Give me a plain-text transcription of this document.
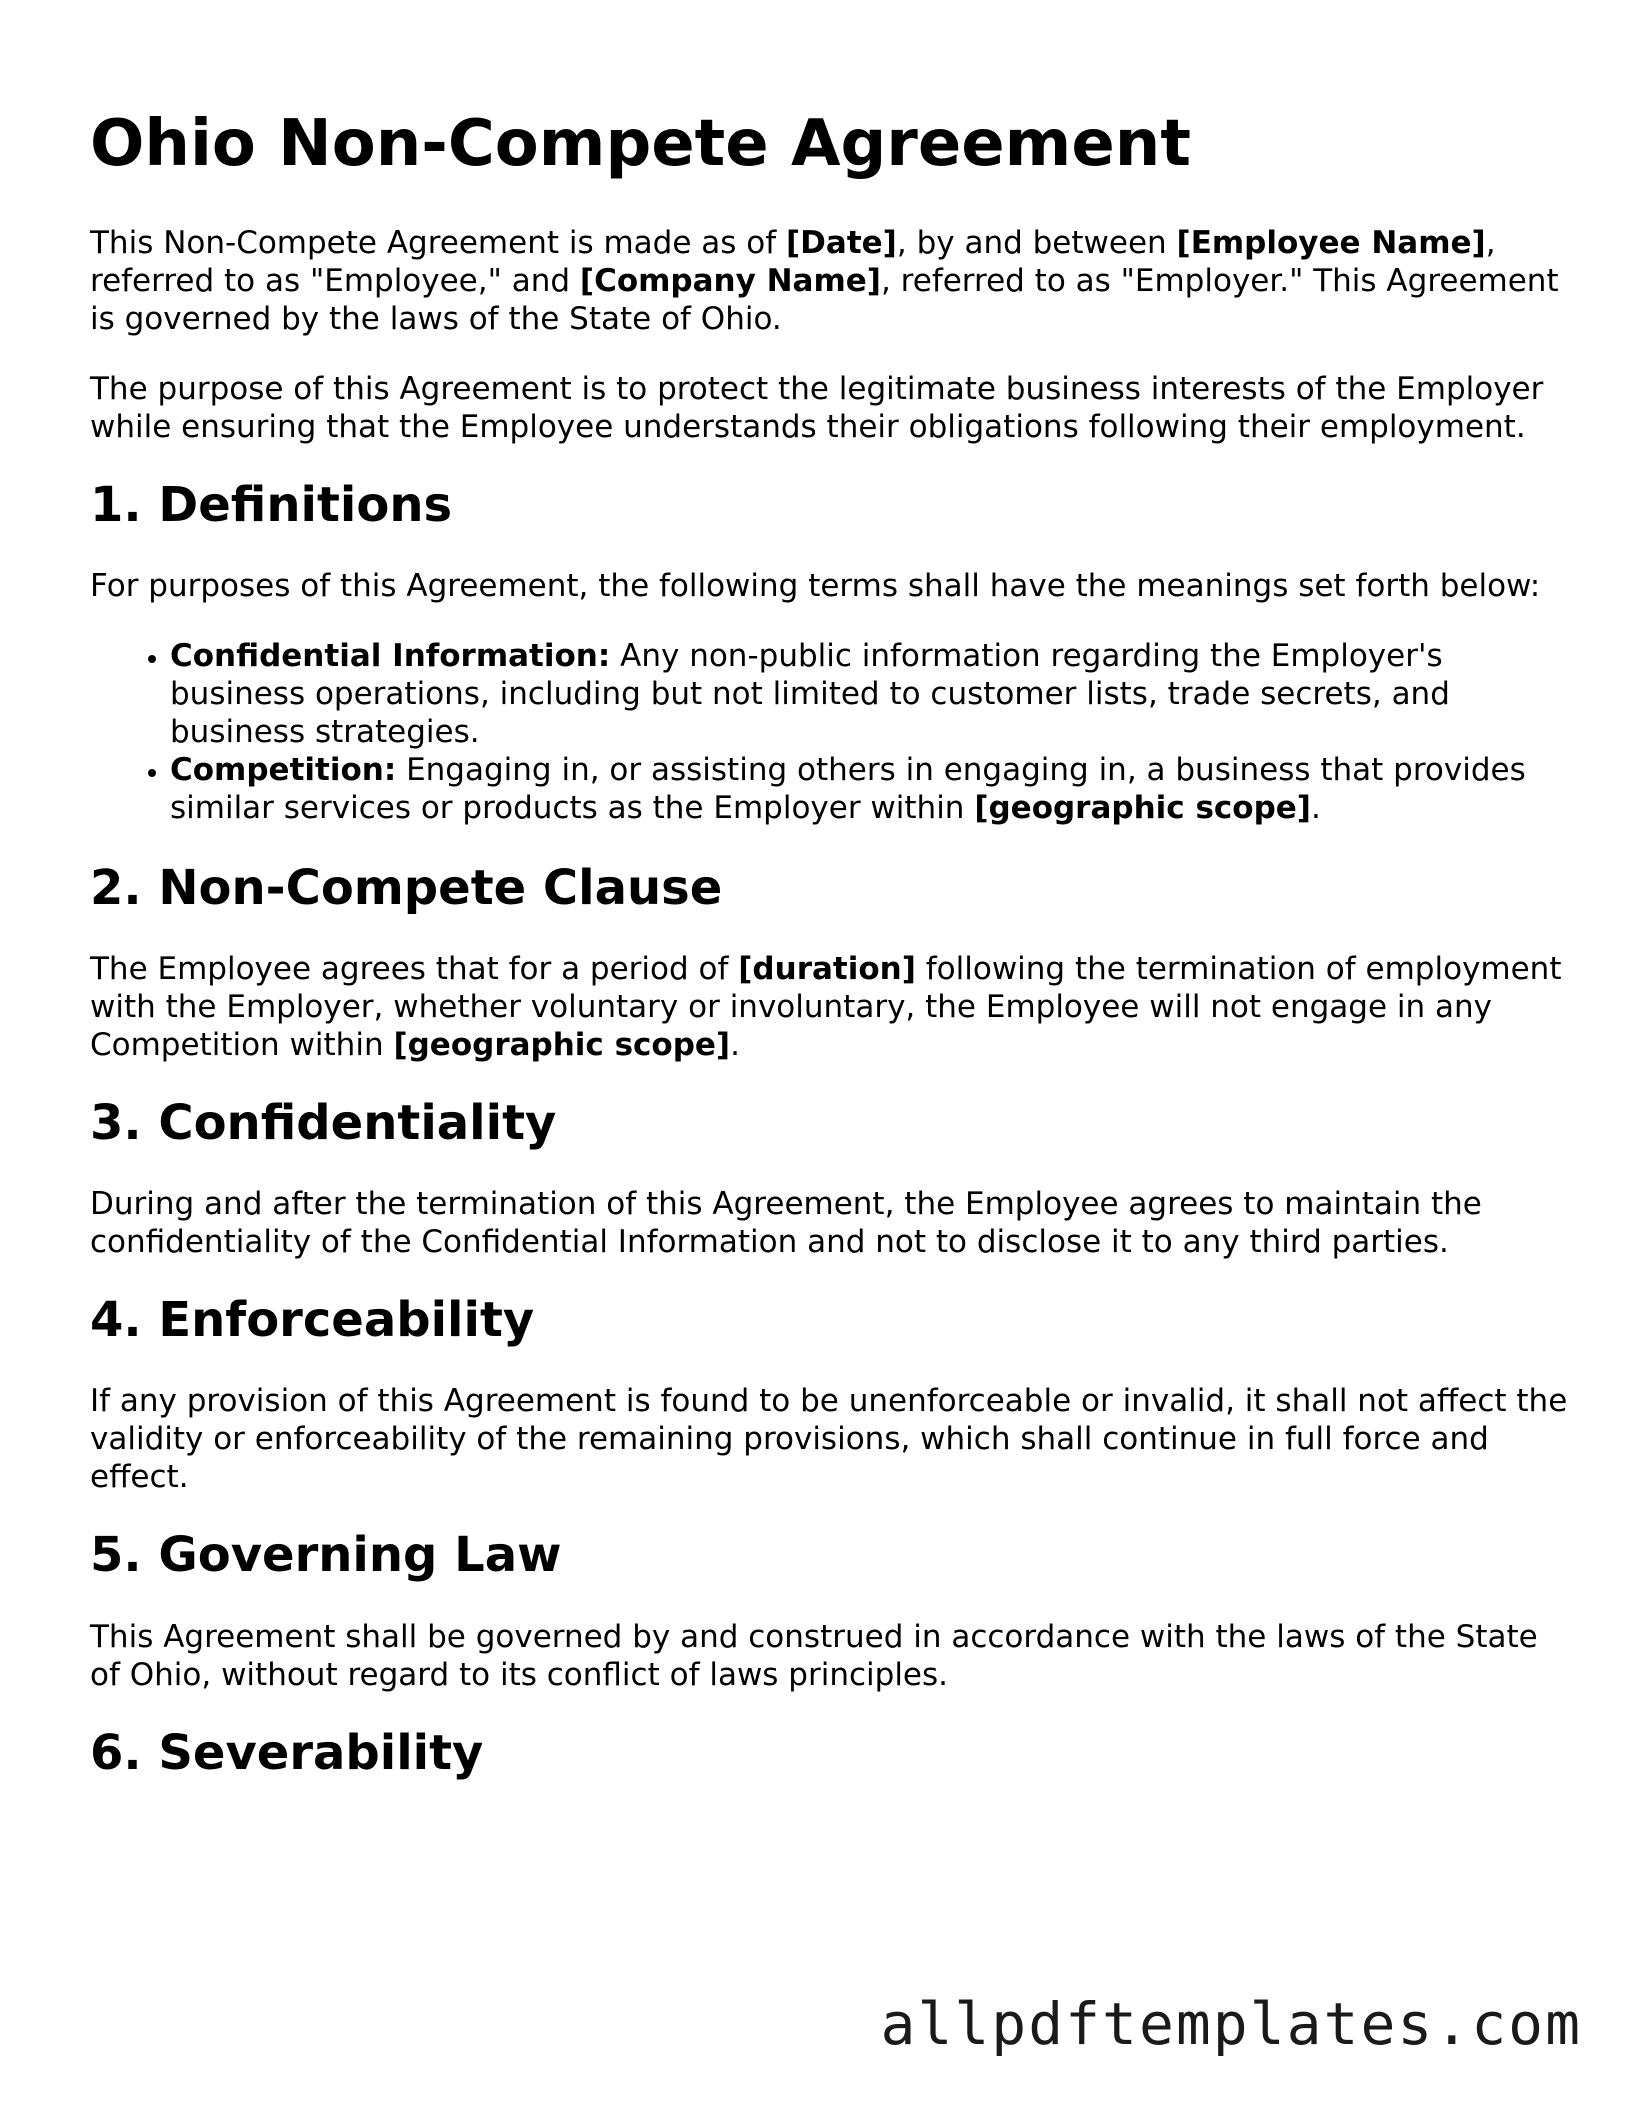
Ohio Non-Compete Agreement

This Non-Compete Agreement is made as of [Date], by and between [Employee Name], referred to as "Employee," and [Company Name], referred to as "Employer." This Agreement is governed by the laws of the State of Ohio.

The purpose of this Agreement is to protect the legitimate business interests of the Employer while ensuring that the Employee understands their obligations following their employment.

1. Definitions

For purposes of this Agreement, the following terms shall have the meanings set forth below:

• Confidential Information: Any non-public information regarding the Employer's business operations, including but not limited to customer lists, trade secrets, and business strategies.
• Competition: Engaging in, or assisting others in engaging in, a business that provides similar services or products as the Employer within [geographic scope].
2. Non-Compete Clause

The Employee agrees that for a period of [duration] following the termination of employment with the Employer, whether voluntary or involuntary, the Employee will not engage in any Competition within [geographic scope].

3. Confidentiality

During and after the termination of this Agreement, the Employee agrees to maintain the confidentiality of the Confidential Information and not to disclose it to any third parties.

4. Enforceability

If any provision of this Agreement is found to be unenforceable or invalid, it shall not affect the validity or enforceability of the remaining provisions, which shall continue in full force and effect.

5. Governing Law

This Agreement shall be governed by and construed in accordance with the laws of the State of Ohio, without regard to its conflict of laws principles.

6. Severability
allpdftemplates.com
